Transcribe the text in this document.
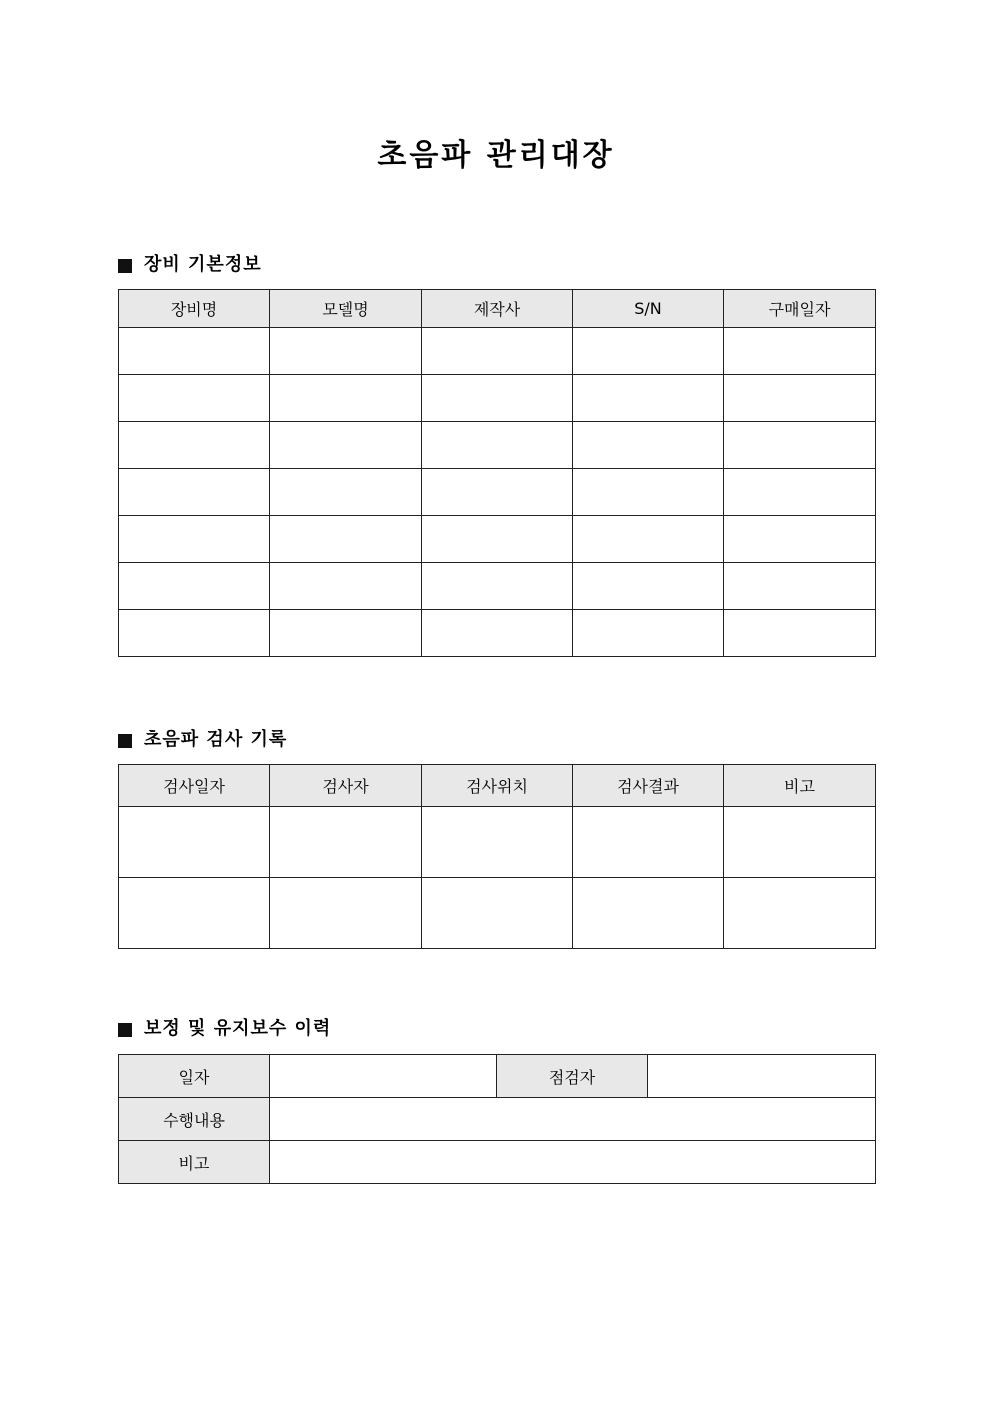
초음파 관리대장
장비 기본정보
장비명	모델명	제작사	S/N	구매일자

초음파 검사 기록
검사일자	검사자	검사위치	검사결과	비고

보정 및 유지보수 이력
일자		점검자	
수행내용			
비고			
